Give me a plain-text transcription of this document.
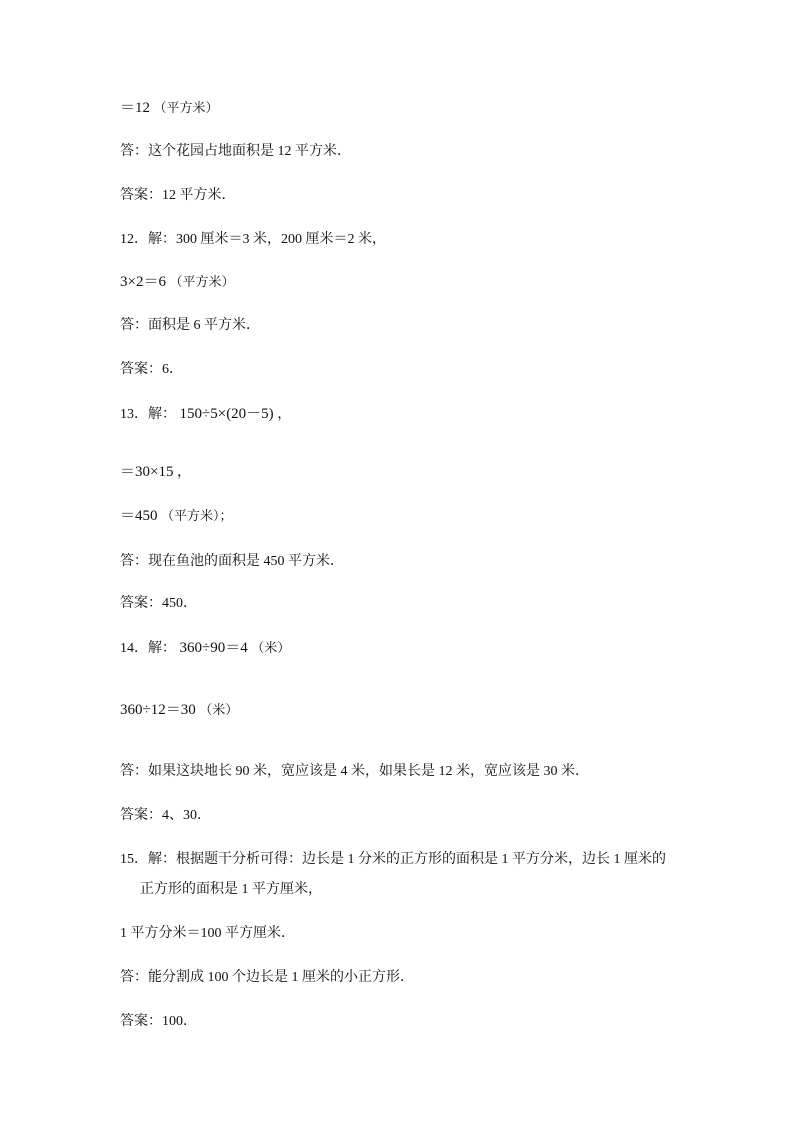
＝12 （平方米）
答：这个花园占地面积是 12 平方米．
答案：12 平方米．
12．解：300 厘米＝3 米，200 厘米＝2 米，
3×2＝6 （平方米）
答：面积是 6 平方米．
答案：6．
13．解： 150÷5×(20－5) ，
＝30×15 ，
＝450 （平方米）；
答：现在鱼池的面积是 450 平方米．
答案：450．
14．解： 360÷90＝4 （米）
360÷12＝30 （米）
答：如果这块地长 90 米，宽应该是 4 米，如果长是 12 米，宽应该是 30 米．
答案：4、30．
15．解：根据题干分析可得：边长是 1 分米的正方形的面积是 1 平方分米，边长 1 厘米的
正方形的面积是 1 平方厘米，
1 平方分米＝100 平方厘米．
答：能分割成 100 个边长是 1 厘米的小正方形．
答案：100．
